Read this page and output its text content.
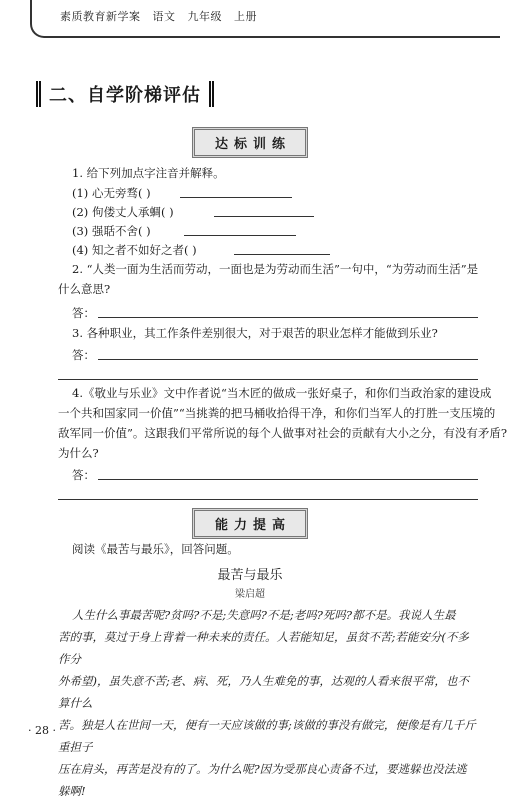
素质教育新学案   语文   九年级   上册
二、自学阶梯评估
达标训练
1. 给下列加点字注音并解释。
(1) 心无旁骛( )
(2) 佝偻丈人承蜩( )
(3) 强聒不舍( )
(4) 知之者不如好之者( )
2. “人类一面为生活而劳动，一面也是为劳动而生活”一句中，“为劳动而生活”是
什么意思?
答：
3. 各种职业，其工作条件差别很大，对于艰苦的职业怎样才能做到乐业?
答：
4.《敬业与乐业》文中作者说“当木匠的做成一张好桌子，和你们当政治家的建设成
一个共和国家同一价值”“当挑粪的把马桶收拾得干净，和你们当军人的打胜一支压境的
敌军同一价值”。这跟我们平常所说的每个人做事对社会的贡献有大小之分，有没有矛盾?
为什么?
答：
能力提高
阅读《最苦与最乐》，回答问题。
最苦与最乐
梁启超
人生什么事最苦呢?贫吗?不是;失意吗?不是;老吗?死吗?都不是。我说人生最
苦的事，莫过于身上背着一种未来的责任。人若能知足，虽贫不苦;若能安分(不多作分
外希望)，虽失意不苦;老、病、死，乃人生难免的事，达观的人看来很平常，也不算什么
苦。独是人在世间一天，便有一天应该做的事;该做的事没有做完，便像是有几千斤重担子
压在肩头，再苦是没有的了。为什么呢?因为受那良心责备不过，要逃躲也没法逃躲啊!
· 28 ·
